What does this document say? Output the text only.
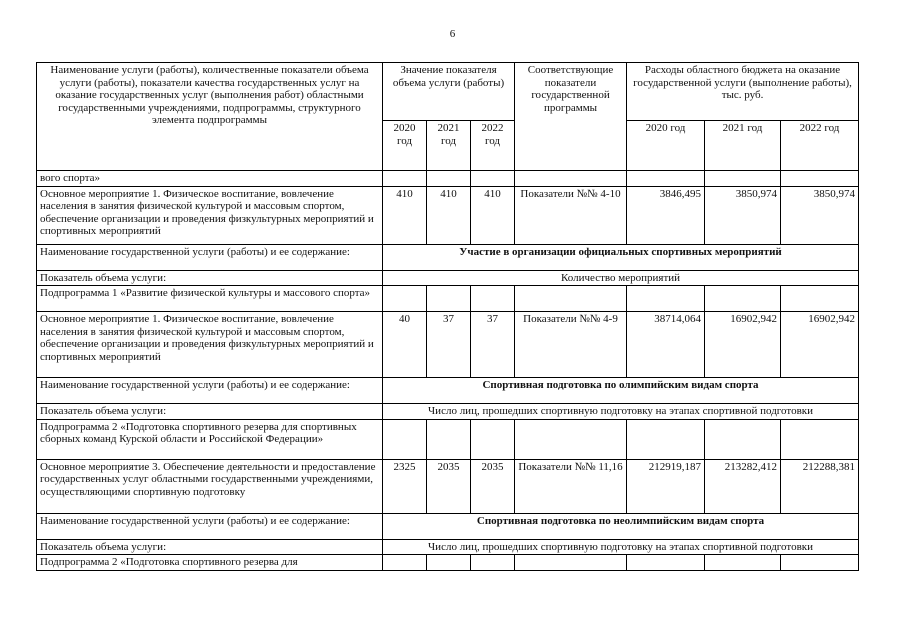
6
Наименование услуги (работы), количественные показатели объема услуги (работы), показатели качества государственных услуг на оказание государственных услуг (выполнения работ) областными государственными учреждениями, подпрограммы, структурного элемента подпрограммы	Значение показателя объема услуги (работы)			Соответствующие показатели государственной программы	Расходы областного бюджета на оказание государственной услуги (выполнение работы), тыс. руб.		
	2020 год	2021 год	2022 год		2020 год	2021 год	2022 год
вого спорта»							
Основное мероприятие 1. Физическое воспитание, вовлечение населения в занятия физической культурой и массовым спортом, обеспечение организации и проведения физкультурных мероприятий и спортивных мероприятий	410	410	410	Показатели №№ 4-10	3846,495	3850,974	3850,974
Наименование государственной услуги (работы) и ее содержание:	Участие в организации официальных спортивных мероприятий						
Показатель объема услуги:	Количество мероприятий						
Подпрограмма 1 «Развитие физической культуры и массового спорта»							
Основное мероприятие 1. Физическое воспитание, вовлечение населения в занятия физической культурой и массовым спортом, обеспечение организации и проведения физкультурных мероприятий и спортивных мероприятий	40	37	37	Показатели №№ 4-9	38714,064	16902,942	16902,942
Наименование государственной услуги (работы) и ее содержание:	Спортивная подготовка по олимпийским видам спорта						
Показатель объема услуги:	Число лиц, прошедших спортивную подготовку на этапах спортивной подготовки						
Подпрограмма 2 «Подготовка спортивного резерва для спортивных сборных команд Курской области и Российской Федерации»							
Основное мероприятие 3. Обеспечение деятельности и предоставление государственных услуг областными государственными учреждениями, осуществляющими спортивную подготовку	2325	2035	2035	Показатели №№ 11,16	212919,187	213282,412	212288,381
Наименование государственной услуги (работы) и ее содержание:	Спортивная подготовка по неолимпийским видам спорта						
Показатель объема услуги:	Число лиц, прошедших спортивную подготовку на этапах спортивной подготовки						
Подпрограмма 2 «Подготовка спортивного резерва для							
